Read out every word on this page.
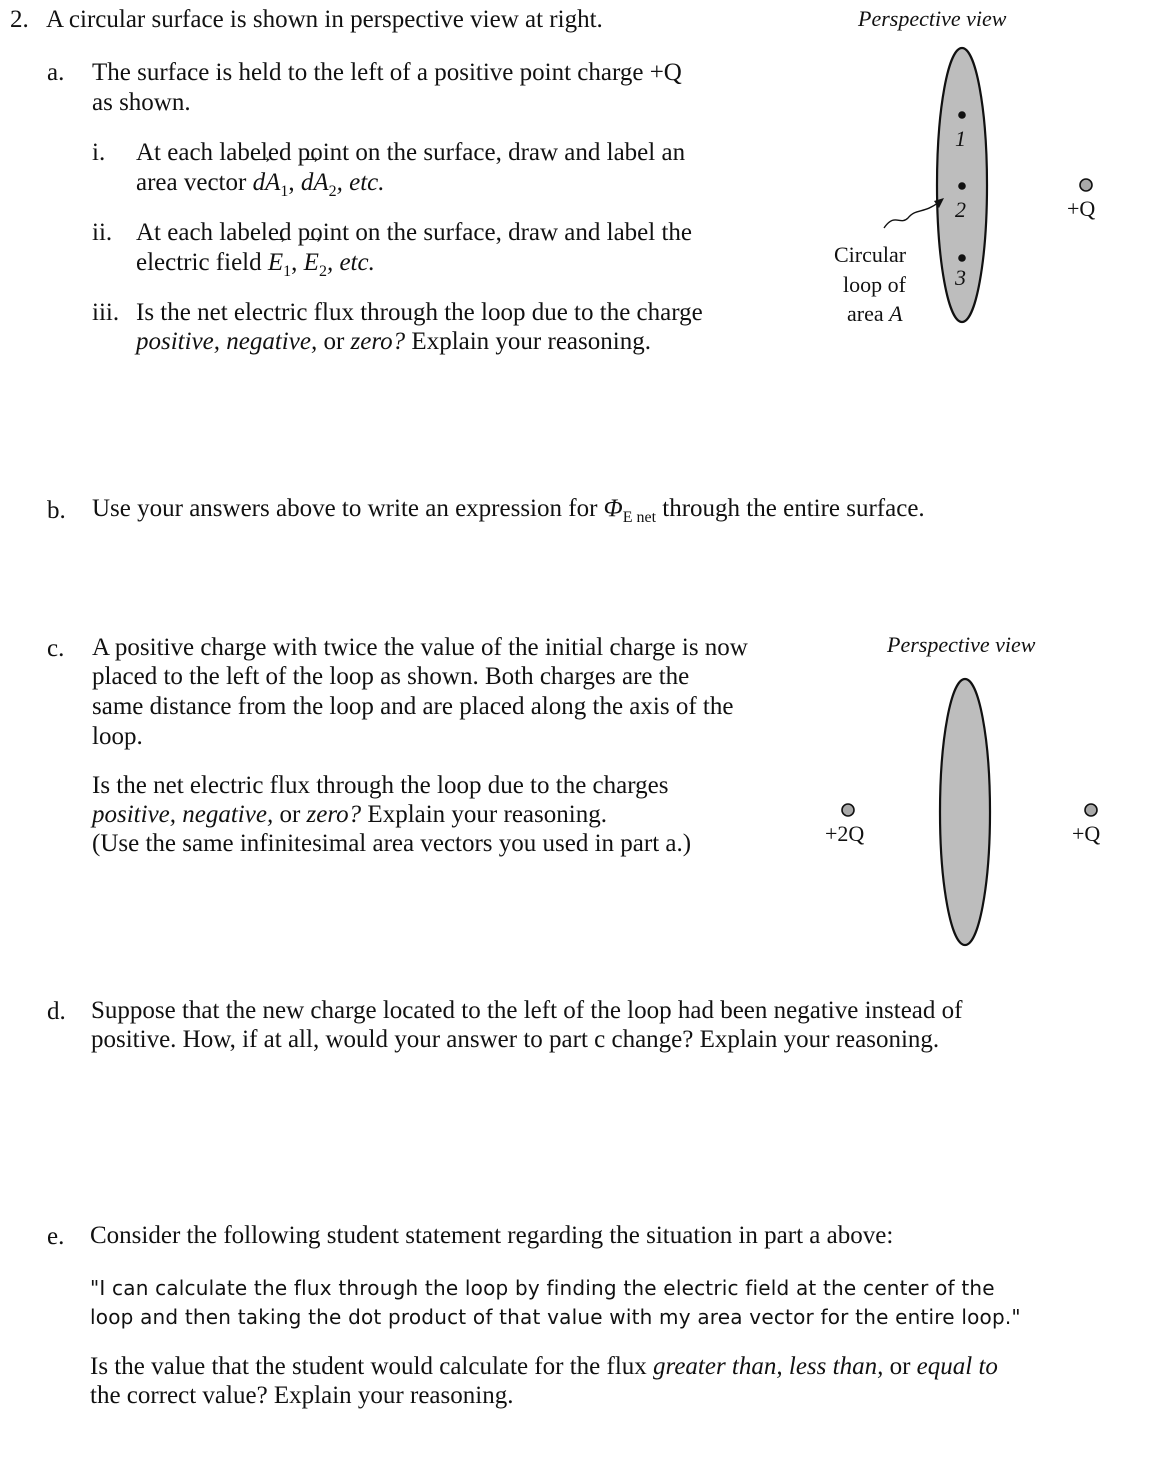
2. A circular surface is shown in perspective view at right.

a. The surface is held to the left of a positive point charge +Q

as shown.

i. At each labeled point on the surface, draw and label an

area vector → $dA_1$, → $dA_2$, etc.

ii. At each labeled point on the surface, draw and label the

electric field → $E_1$, → $E_2$, etc.

iii. Is the net electric flux through the loop due to the charge

positive, negative, or zero? Explain your reasoning.

Perspective view

1

2

3

+Q

Circular

loop of

area A

b. Use your answers above to write an expression for $\Phi_{E net}$ through the entire surface.

c. A positive charge with twice the value of the initial charge is now

placed to the left of the loop as shown. Both charges are the

same distance from the loop and are placed along the axis of the

loop.

Is the net electric flux through the loop due to the charges

positive, negative, or zero? Explain your reasoning.

(Use the same infinitesimal area vectors you used in part a.)

Perspective view

+2Q	+Q

d. Suppose that the new charge located to the left of the loop had been negative instead of

positive. How, if at all, would your answer to part c change? Explain your reasoning.

e. Consider the following student statement regarding the situation in part a above:

"I can calculate the flux through the loop by finding the electric field at the center of the

loop and then taking the dot product of that value with my area vector for the entire loop."

Is the value that the student would calculate for the flux greater than, less than, or equal to

the correct value? Explain your reasoning.
